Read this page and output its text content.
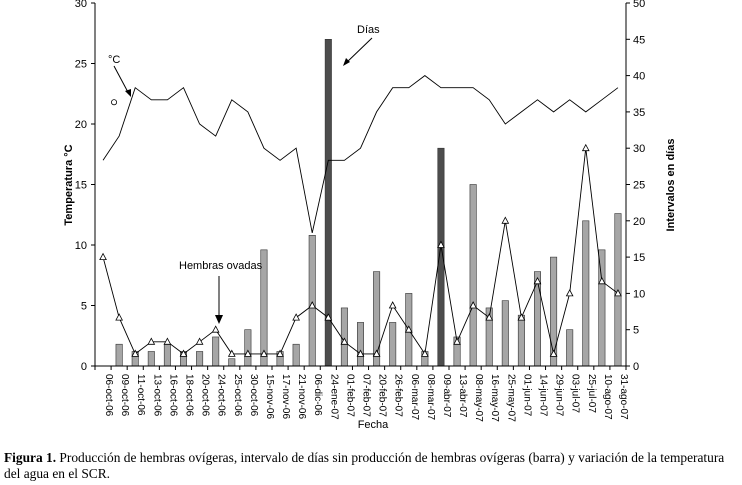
0
5
10
15
20
25
30
0
5
10
15
20
25
30
35
40
45
50
06-oct-06 09-oct-06 11-oct-06 13-oct-06 16-oct-06 18-oct-06 20-oct-06 24-oct-06 25-oct-06 30-oct-06 15-nov-06 17-nov-06 21-nov-06 06-dic-06 24-ene-07 01-feb-07 07-feb-07 20-feb-07 26-feb-07 06-mar-07 08-mar-07 09-abr-07 13-abr-07 08-may-07 16-may-07 25-may-07 01-jun-07 14-jun-07 29-jun-07 03-jul-07 25-jul-07 10-ago-07 31-ago-07
Temperatura °C	Intervalos en días
Fecha
Días
°C
Hembras ovadas
Figura 1. Producción de hembras ovígeras, intervalo de días sin producción de hembras ovígeras (barra) y variación de la temperatura del agua en el SCR.
